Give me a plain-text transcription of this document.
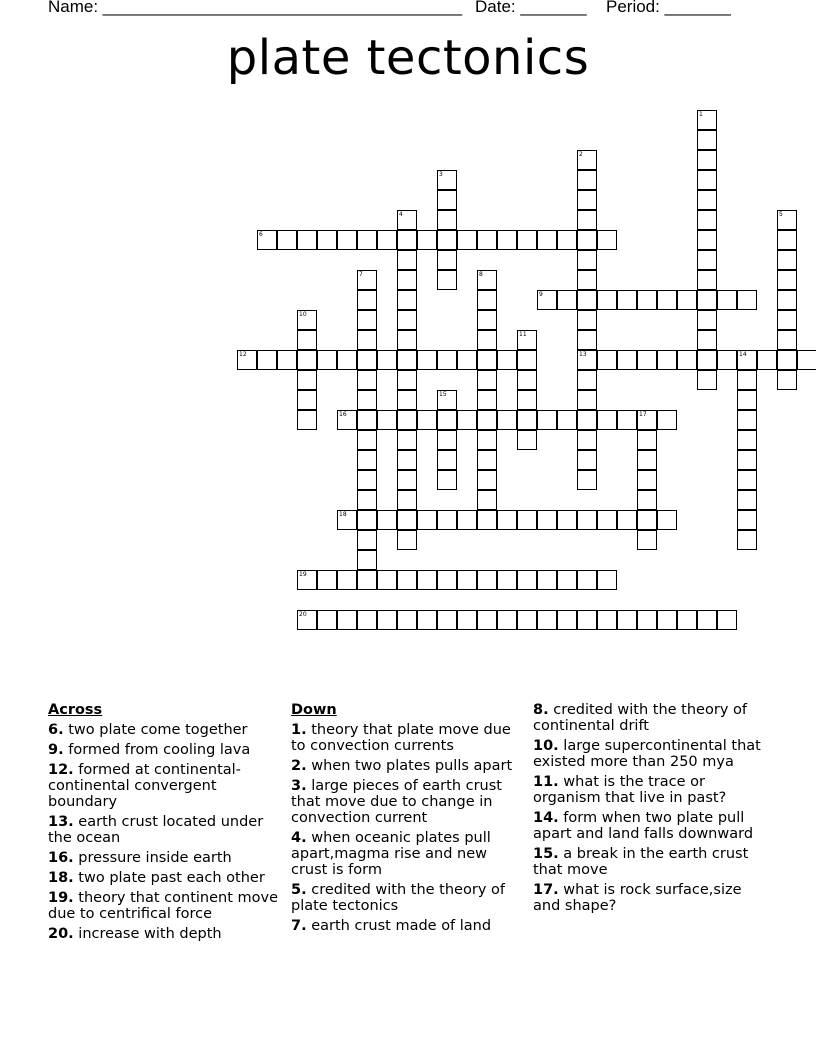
Name: ______________________________________

Date: _______

Period: _______

plate tectonics
1
2
3
4	5
6
7	8
9
10
11
12	13	14
15
16	17
18
19
20
Across
6. two plate come together
9. formed from cooling lava
12. formed at continental-continental convergent boundary
13. earth crust located under the ocean
16. pressure inside earth
18. two plate past each other
19. theory that continent move due to centrifical force
20. increase with depth
Down
1. theory that plate move due to convection currents
2. when two plates pulls apart
3. large pieces of earth crust that move due to change in convection current
4. when oceanic plates pull apart,magma rise and new crust is form
5. credited with the theory of plate tectonics
7. earth crust made of land
8. credited with the theory of continental drift
10. large supercontinental that existed more than 250 mya
11. what is the trace or organism that live in past?
14. form when two plate pull apart and land falls downward
15. a break in the earth crust that move
17. what is rock surface,size and shape?
